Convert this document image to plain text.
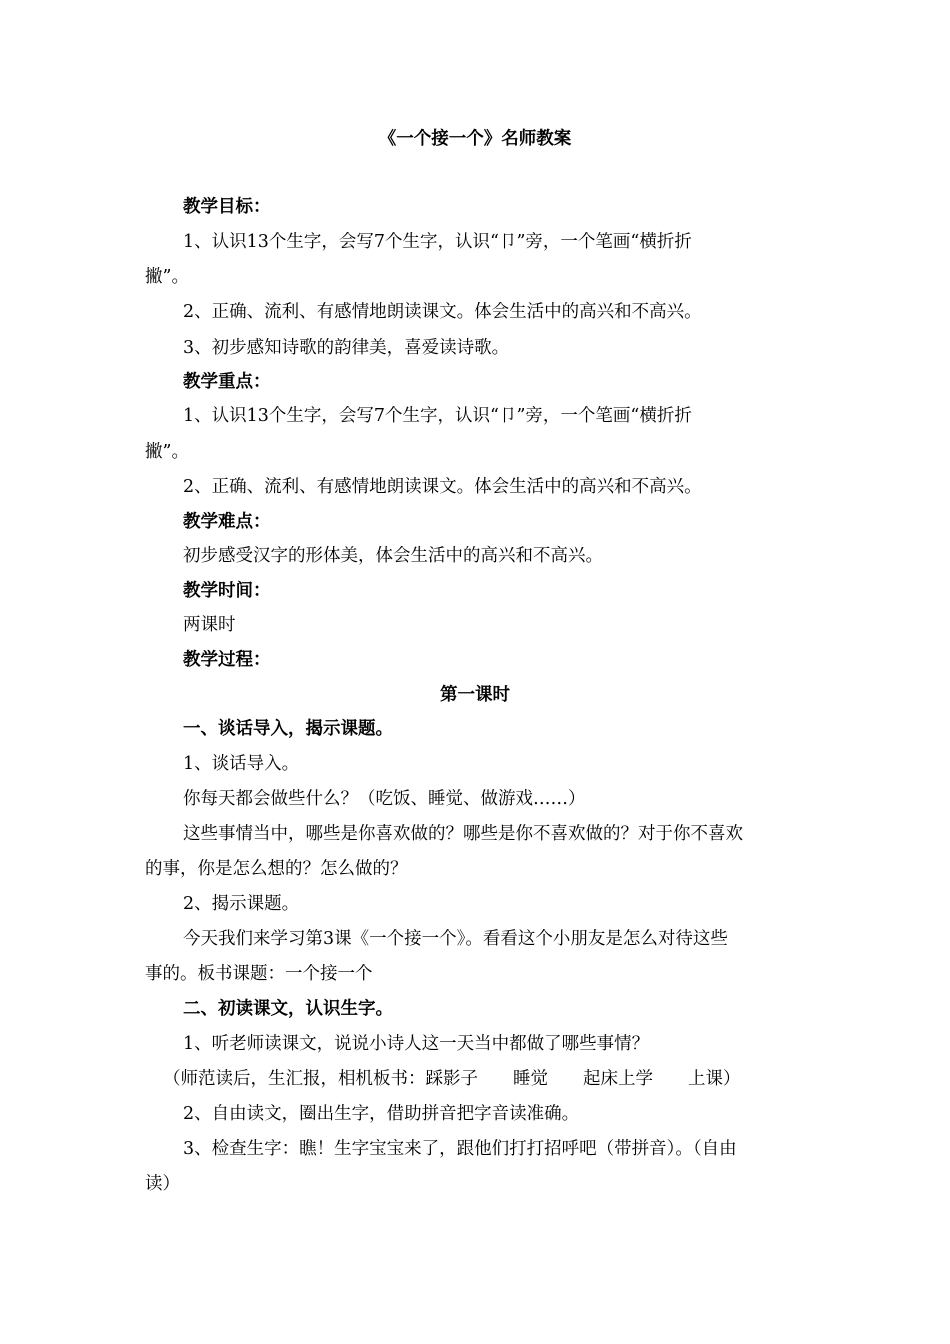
《一个接一个》名师教案
教学目标：
1、认识13个生字，会写7个生字，认识“卩”旁，一个笔画“横折折
撇”。
2、正确、流利、有感情地朗读课文。体会生活中的高兴和不高兴。
3、初步感知诗歌的韵律美，喜爱读诗歌。
教学重点：
1、认识13个生字，会写7个生字，认识“卩”旁，一个笔画“横折折
撇”。
2、正确、流利、有感情地朗读课文。体会生活中的高兴和不高兴。
教学难点：
初步感受汉字的形体美，体会生活中的高兴和不高兴。
教学时间：
两课时
教学过程：
第一课时
一、谈话导入，揭示课题。
1、谈话导入。
你每天都会做些什么？（吃饭、睡觉、做游戏……）
这些事情当中，哪些是你喜欢做的？哪些是你不喜欢做的？对于你不喜欢
的事，你是怎么想的？怎么做的？
2、揭示课题。
今天我们来学习第3课《一个接一个》。看看这个小朋友是怎么对待这些
事的。板书课题：一个接一个
二、初读课文，认识生字。
1、听老师读课文，说说小诗人这一天当中都做了哪些事情？
（师范读后，生汇报，相机板书：踩影子　　睡觉　　起床上学　　上课）
2、自由读文，圈出生字，借助拼音把字音读准确。
3、检查生字：瞧！生字宝宝来了，跟他们打打招呼吧（带拼音）。（自由
读）
